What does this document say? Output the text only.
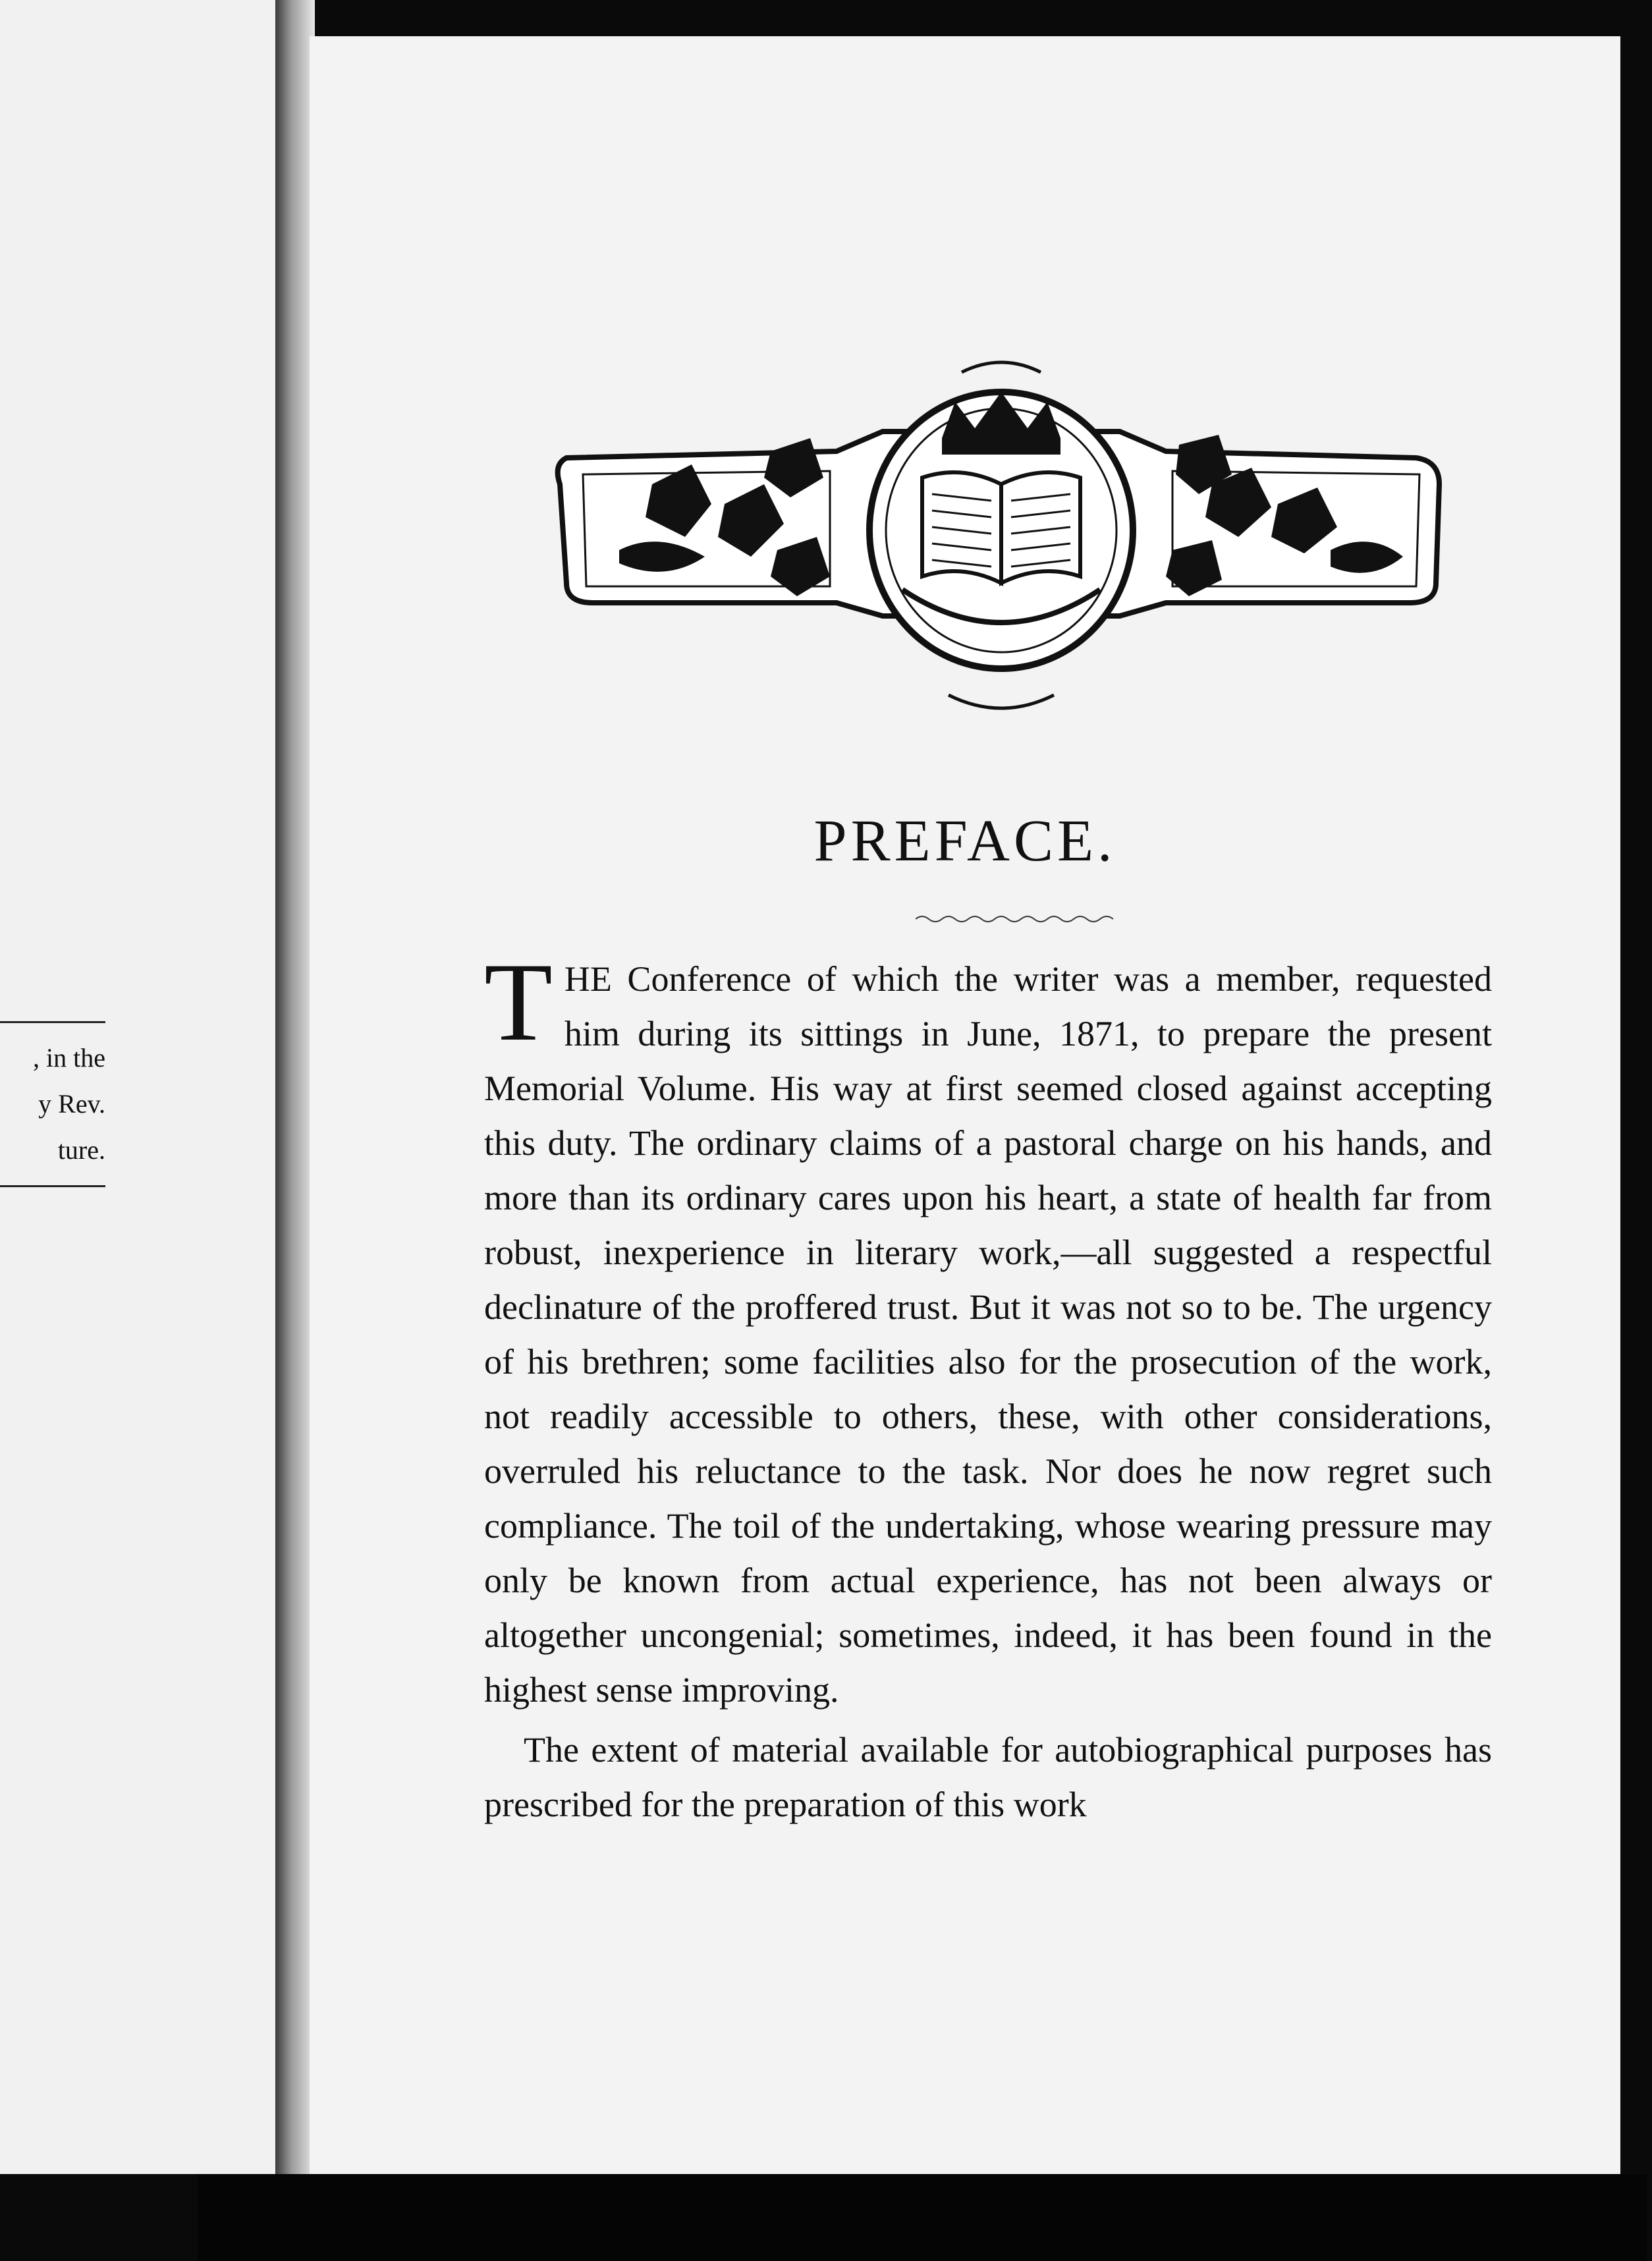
, in the
y Rev.
ture.
PREFACE.

THE Conference of which the writer was a member, requested him during its sittings in June, 1871, to prepare the present Memorial Volume. His way at first seemed closed against accepting this duty. The ordinary claims of a pastoral charge on his hands, and more than its ordinary cares upon his heart, a state of health far from robust, inexperience in literary work,—all suggested a respectful declinature of the proffered trust. But it was not so to be. The urgency of his brethren; some facilities also for the prosecution of the work, not readily accessible to others, these, with other considerations, overruled his reluctance to the task. Nor does he now regret such compliance. The toil of the undertaking, whose wearing pressure may only be known from actual experience, has not been always or altogether uncongenial; sometimes, indeed, it has been found in the highest sense improving.

The extent of material available for autobiographical purposes has prescribed for the preparation of this work
